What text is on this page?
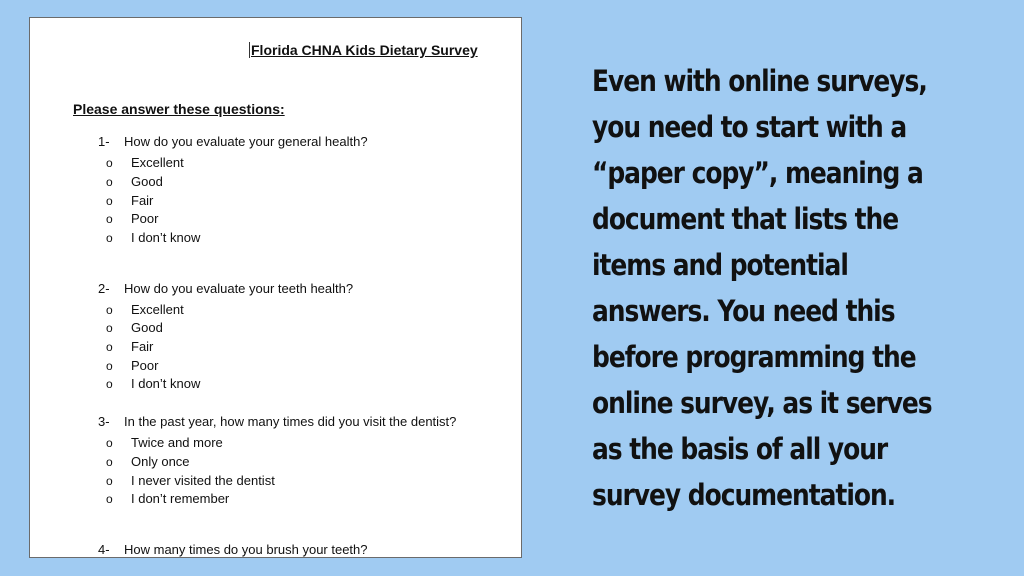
Florida CHNA Kids Dietary Survey
Please answer these questions:
1- How do you evaluate your general health?
o Excellent
o Good
o Fair
o Poor
o I don’t know
2- How do you evaluate your teeth health?
o Excellent
o Good
o Fair
o Poor
o I don’t know
3- In the past year, how many times did you visit the dentist?
o Twice and more
o Only once
o I never visited the dentist
o I don’t remember
4- How many times do you brush your teeth?
Even with online surveys, you need to start with a “paper copy”, meaning a document that lists the items and potential answers. You need this before programming the online survey, as it serves as the basis of all your survey documentation.
